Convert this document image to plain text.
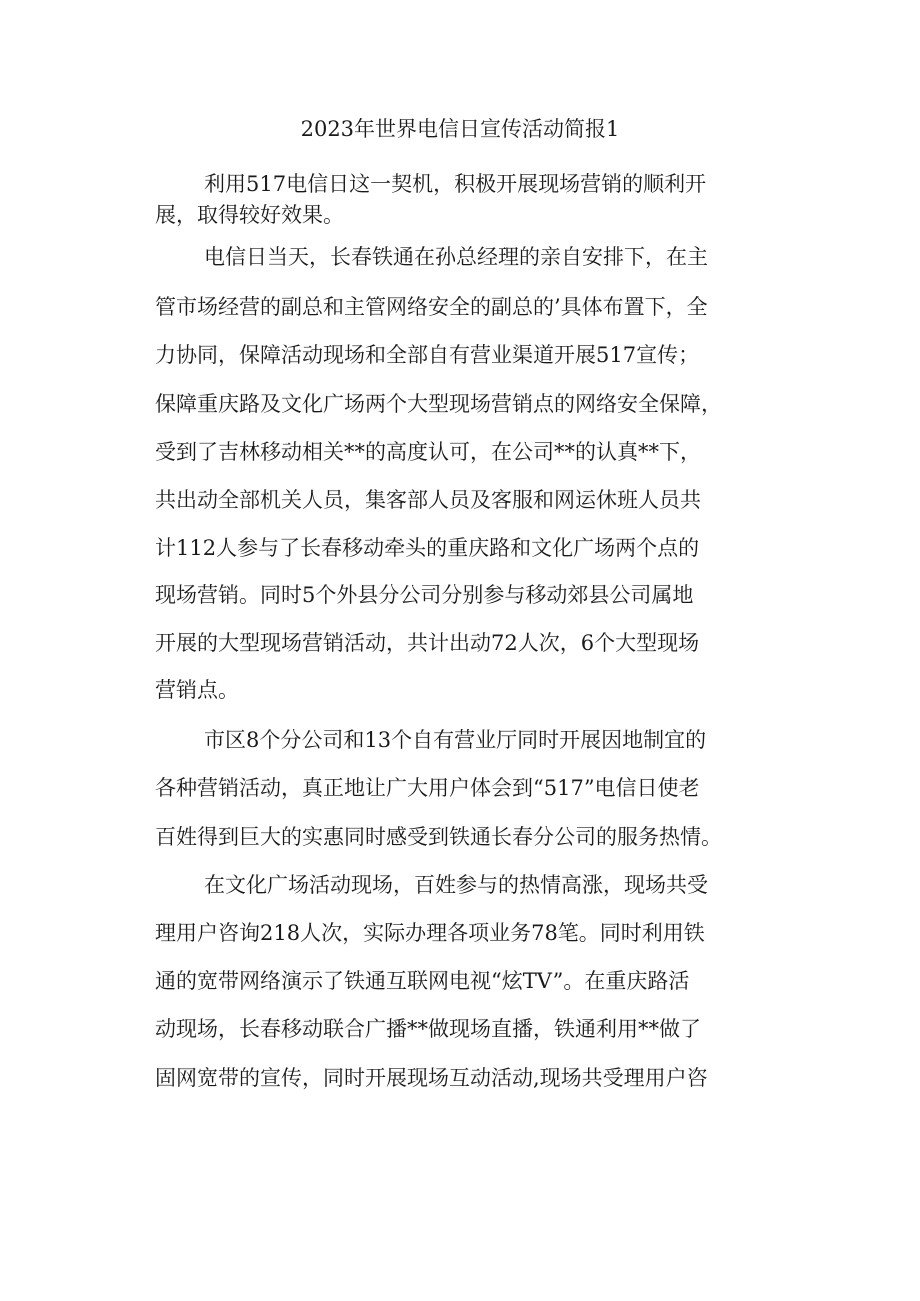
2023年世界电信日宣传活动简报1
利用517电信日这一契机，积极开展现场营销的顺利开
展，取得较好效果。
电信日当天，长春铁通在孙总经理的亲自安排下，在主
管市场经营的副总和主管网络安全的副总的’具体布置下，全
力协同，保障活动现场和全部自有营业渠道开展517宣传；
保障重庆路及文化广场两个大型现场营销点的网络安全保障，
受到了吉林移动相关**的高度认可，在公司**的认真**下，
共出动全部机关人员，集客部人员及客服和网运休班人员共
计112人参与了长春移动牵头的重庆路和文化广场两个点的
现场营销。同时5个外县分公司分别参与移动郊县公司属地
开展的大型现场营销活动，共计出动72人次，6个大型现场
营销点。
市区8个分公司和13个自有营业厅同时开展因地制宜的
各种营销活动，真正地让广大用户体会到“517”电信日使老
百姓得到巨大的实惠同时感受到铁通长春分公司的服务热情。
在文化广场活动现场，百姓参与的热情高涨，现场共受
理用户咨询218人次，实际办理各项业务78笔。同时利用铁
通的宽带网络演示了铁通互联网电视“炫TV”。在重庆路活
动现场，长春移动联合广播**做现场直播，铁通利用**做了
固网宽带的宣传，同时开展现场互动活动,现场共受理用户咨
